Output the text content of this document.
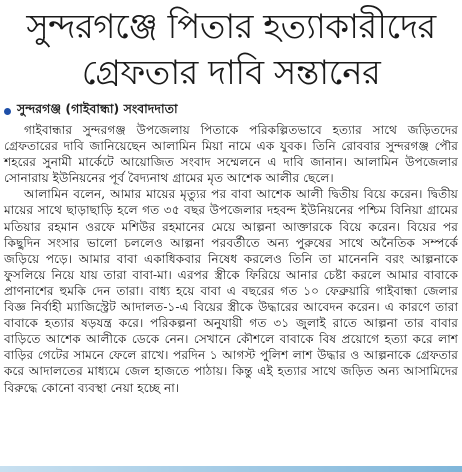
সুন্দরগঞ্জে পিতার হত্যাকারীদের
গ্রেফতার দাবি সন্তানের
সুন্দরগঞ্জ (গাইবান্ধা) সংবাদদাতা

গাইবান্ধার সুন্দরগঞ্জ উপজেলায় পিতাকে পরিকল্পিতভাবে হত্যার সাথে জড়িতদের গ্রেফতারের দাবি জানিয়েছেন আলামিন মিয়া নামে এক যুবক। তিনি রোববার সুন্দরগঞ্জ পৌর শহরের সুনামী মার্কেটে আয়োজিত সংবাদ সম্মেলনে এ দাবি জানান। আলামিন উপজেলার সোনারায় ইউনিয়নের পূর্ব বৈদ্যনাথ গ্রামের মৃত আশেক আলীর ছেলে।

আলামিন বলেন, আমার মায়ের মৃত্যুর পর বাবা আশেক আলী দ্বিতীয় বিয়ে করেন। দ্বিতীয় মায়ের সাথে ছাড়াছাড়ি হলে গত ৩৫ বছর উপজেলার দহবন্দ ইউনিয়নের পশ্চিম বিনিয়া গ্রামের মতিয়ার রহমান ওরফে মশিউর রহমানের মেয়ে আল্পনা আক্তারকে বিয়ে করেন। বিয়ের পর কিছুদিন সংসার ভালো চললেও আল্পনা পরবর্তীতে অন্য পুরুষের সাথে অনৈতিক সম্পর্কে জড়িয়ে পড়ে। আমার বাবা একাধিকবার নিষেধ করলেও তিনি তা মানেননি বরং আল্পনাকে ফুসলিয়ে নিয়ে যায় তারা বাবা-মা। এরপর স্ত্রীকে ফিরিয়ে আনার চেষ্টা করলে আমার বাবাকে প্রাণনাশের হুমকি দেন তারা। বাধ্য হয়ে বাবা এ বছরের গত ১০ ফেব্রুয়ারি গাইবান্ধা জেলার বিজ্ঞ নির্বাহী ম্যাজিস্ট্রেট আদালত-১-এ বিয়ের স্ত্রীকে উদ্ধারের আবেদন করেন। এ কারণে তারা বাবাকে হত্যার ষড়যন্ত্র করে। পরিকল্পনা অনুযায়ী গত ৩১ জুলাই রাতে আল্পনা তার বাবার বাড়িতে আশেক আলীকে ডেকে নেন। সেখানে কৌশলে বাবাকে বিষ প্রয়োগে হত্যা করে লাশ বাড়ির গেটের সামনে ফেলে রাখে। পরদিন ১ আগস্ট পুলিশ লাশ উদ্ধার ও আল্পনাকে গ্রেফতার করে আদালতের মাধ্যমে জেল হাজতে পাঠায়। কিন্তু এই হত্যার সাথে জড়িত অন্য আসামিদের বিরুদ্ধে কোনো ব্যবস্থা নেয়া হচ্ছে না।
